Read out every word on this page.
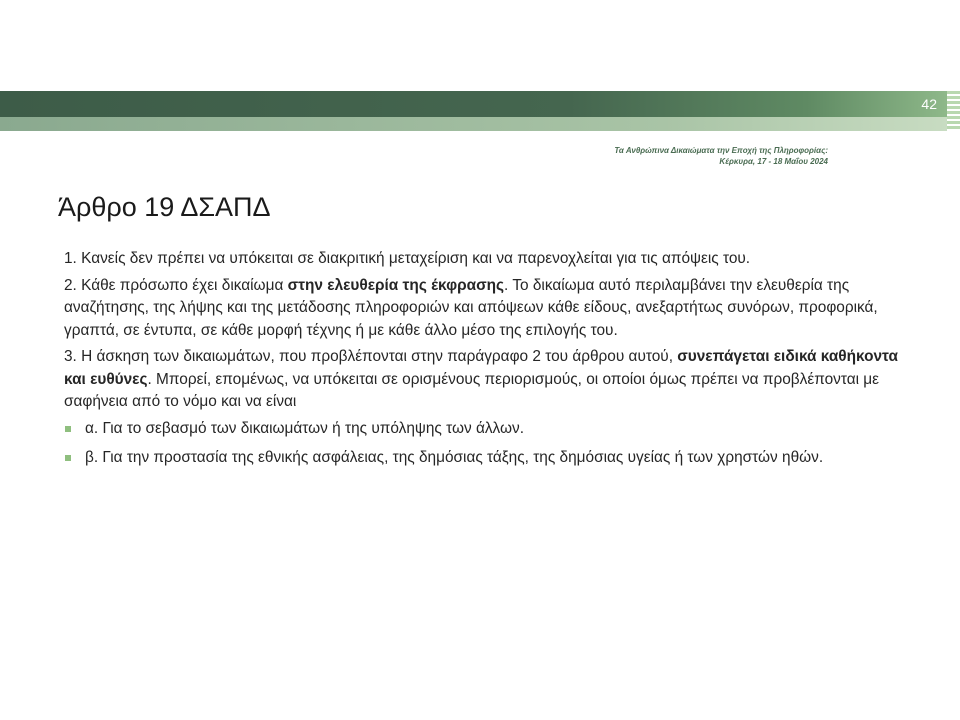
42
Τα Ανθρώπινα Δικαιώματα την Εποχή της Πληροφορίας:
Κέρκυρα, 17 - 18 Μαΐου 2024
Άρθρο 19 ΔΣΑΠΔ

1. Κανείς δεν πρέπει να υπόκειται σε διακριτική μεταχείριση και να παρενοχλείται για τις απόψεις του.

2. Κάθε πρόσωπο έχει δικαίωμα στην ελευθερία της έκφρασης. Το δικαίωμα αυτό περιλαμβάνει την ελευθερία της αναζήτησης, της λήψης και της μετάδοσης πληροφοριών και απόψεων κάθε είδους, ανεξαρτήτως συνόρων, προφορικά, γραπτά, σε έντυπα, σε κάθε μορφή τέχνης ή με κάθε άλλο μέσο της επιλογής του.

3. Η άσκηση των δικαιωμάτων, που προβλέπονται στην παράγραφο 2 του άρθρου αυτού, συνεπάγεται ειδικά καθήκοντα και ευθύνες. Μπορεί, επομένως, να υπόκειται σε ορισμένους περιορισμούς, οι οποίοι όμως πρέπει να προβλέπονται με σαφήνεια από το νόμο και να είναι

α. Για το σεβασμό των δικαιωμάτων ή της υπόληψης των άλλων.
β. Για την προστασία της εθνικής ασφάλειας, της δημόσιας τάξης, της δημόσιας υγείας ή των χρηστών ηθών.
